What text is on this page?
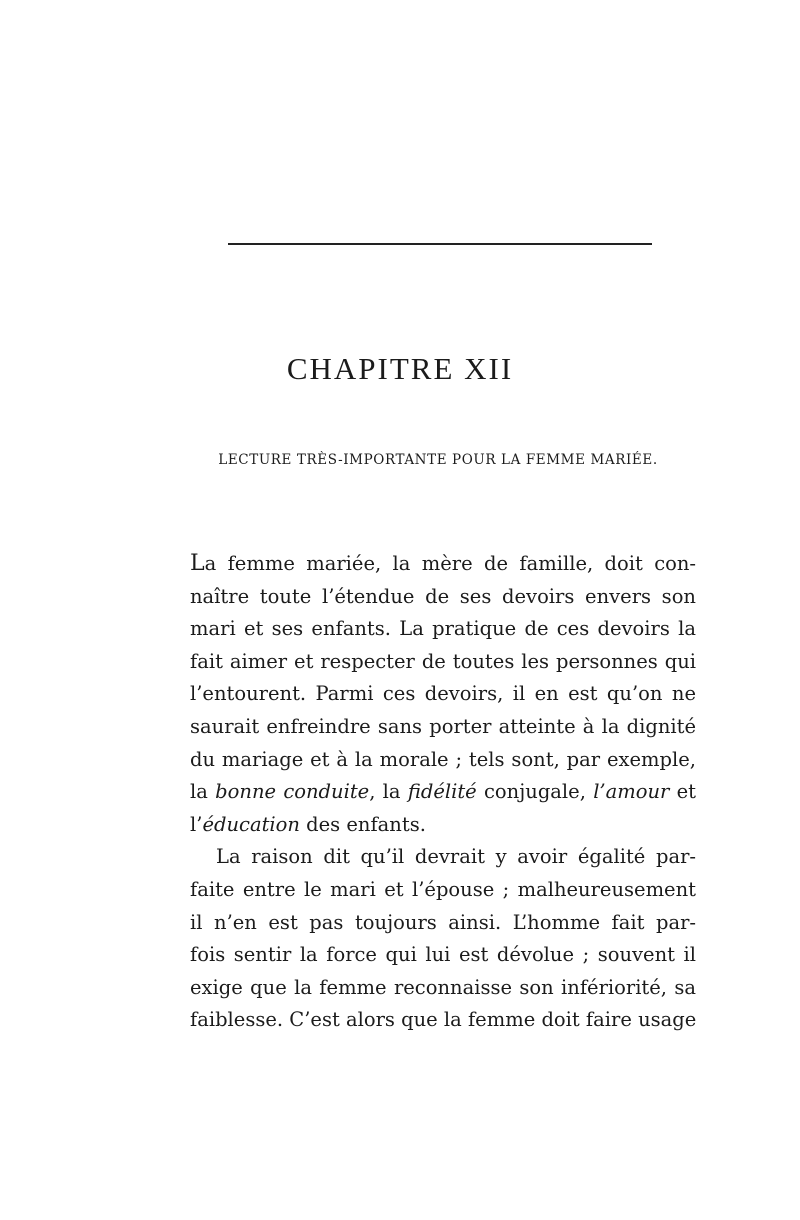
CHAPITRE XII
LECTURE TRÈS-IMPORTANTE POUR LA FEMME MARIÉE.
La femme mariée, la mère de famille, doit con-
naître toute l’étendue de ses devoirs envers son
mari et ses enfants. La pratique de ces devoirs la
fait aimer et respecter de toutes les personnes qui
l’entourent. Parmi ces devoirs, il en est qu’on ne
saurait enfreindre sans porter atteinte à la dignité
du mariage et à la morale ; tels sont, par exemple,
la bonne conduite, la fidélité conjugale, l’amour et
l’éducation des enfants.
La raison dit qu’il devrait y avoir égalité par-
faite entre le mari et l’épouse ; malheureusement
il n’en est pas toujours ainsi. L’homme fait par-
fois sentir la force qui lui est dévolue ; souvent il
exige que la femme reconnaisse son infériorité, sa
faiblesse. C’est alors que la femme doit faire usage
